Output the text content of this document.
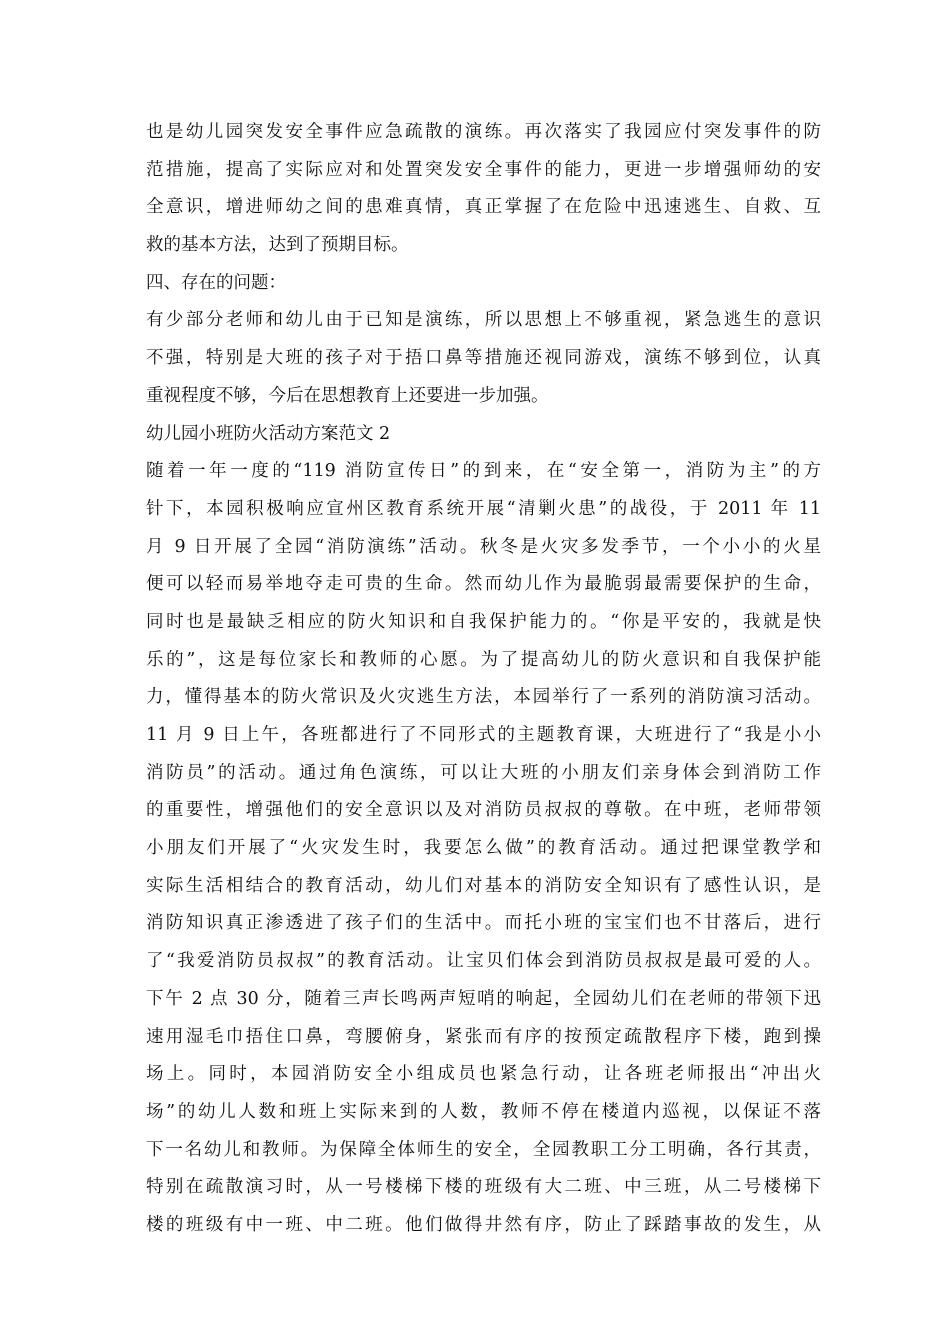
也是幼儿园突发安全事件应急疏散的演练。再次落实了我园应付突发事件的防
范措施，提高了实际应对和处置突发安全事件的能力，更进一步增强师幼的安
全意识，增进师幼之间的患难真情，真正掌握了在危险中迅速逃生、自救、互
救的基本方法，达到了预期目标。
四、存在的问题：
有少部分老师和幼儿由于已知是演练，所以思想上不够重视，紧急逃生的意识
不强，特别是大班的孩子对于捂口鼻等措施还视同游戏，演练不够到位，认真
重视程度不够，今后在思想教育上还要进一步加强。
幼儿园小班防火活动方案范文 2
随着一年一度的“119 消防宣传日”的到来，在“安全第一，消防为主”的方
针下，本园积极响应宣州区教育系统开展“清剿火患”的战役，于 2011 年 11
月 9 日开展了全园“消防演练”活动。秋冬是火灾多发季节，一个小小的火星
便可以轻而易举地夺走可贵的生命。然而幼儿作为最脆弱最需要保护的生命，
同时也是最缺乏相应的防火知识和自我保护能力的。“你是平安的，我就是快
乐的”，这是每位家长和教师的心愿。为了提高幼儿的防火意识和自我保护能
力，懂得基本的防火常识及火灾逃生方法，本园举行了一系列的消防演习活动。
11 月 9 日上午，各班都进行了不同形式的主题教育课，大班进行了“我是小小
消防员”的活动。通过角色演练，可以让大班的小朋友们亲身体会到消防工作
的重要性，增强他们的安全意识以及对消防员叔叔的尊敬。在中班，老师带领
小朋友们开展了“火灾发生时，我要怎么做”的教育活动。通过把课堂教学和
实际生活相结合的教育活动，幼儿们对基本的消防安全知识有了感性认识，是
消防知识真正渗透进了孩子们的生活中。而托小班的宝宝们也不甘落后，进行
了“我爱消防员叔叔”的教育活动。让宝贝们体会到消防员叔叔是最可爱的人。
下午 2 点 30 分，随着三声长鸣两声短哨的响起，全园幼儿们在老师的带领下迅
速用湿毛巾捂住口鼻，弯腰俯身，紧张而有序的按预定疏散程序下楼，跑到操
场上。同时，本园消防安全小组成员也紧急行动，让各班老师报出“冲出火
场”的幼儿人数和班上实际来到的人数，教师不停在楼道内巡视，以保证不落
下一名幼儿和教师。为保障全体师生的安全，全园教职工分工明确，各行其责，
特别在疏散演习时，从一号楼梯下楼的班级有大二班、中三班，从二号楼梯下
楼的班级有中一班、中二班。他们做得井然有序，防止了踩踏事故的发生，从
